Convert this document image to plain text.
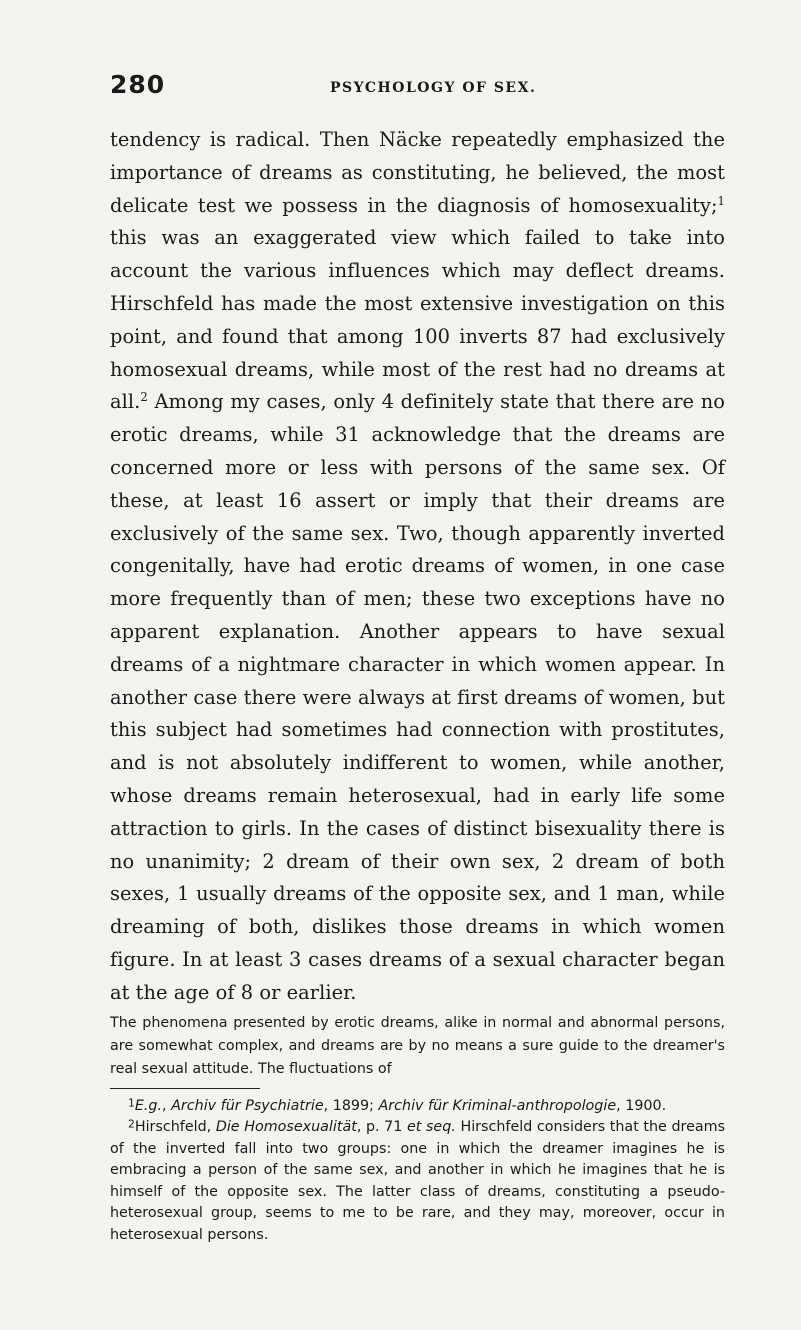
280	PSYCHOLOGY OF SEX.

tendency is radical. Then Näcke repeatedly emphasized the importance of dreams as constituting, he believed, the most delicate test we possess in the diagnosis of homosexuality;$^1$ this was an exaggerated view which failed to take into account the various influences which may deflect dreams. Hirschfeld has made the most extensive investigation on this point, and found that among 100 inverts 87 had exclusively homosexual dreams, while most of the rest had no dreams at all.$^2$ Among my cases, only 4 definitely state that there are no erotic dreams, while 31 acknowledge that the dreams are concerned more or less with persons of the same sex. Of these, at least 16 assert or imply that their dreams are exclusively of the same sex. Two, though apparently inverted congenitally, have had erotic dreams of women, in one case more frequently than of men; these two exceptions have no apparent explanation. Another appears to have sexual dreams of a nightmare character in which women appear. In another case there were always at first dreams of women, but this subject had sometimes had connection with prostitutes, and is not absolutely indifferent to women, while another, whose dreams remain heterosexual, had in early life some attraction to girls. In the cases of distinct bisexuality there is no unanimity; 2 dream of their own sex, 2 dream of both sexes, 1 usually dreams of the opposite sex, and 1 man, while dreaming of both, dislikes those dreams in which women figure. In at least 3 cases dreams of a sexual character began at the age of 8 or earlier.

The phenomena presented by erotic dreams, alike in normal and abnormal persons, are somewhat complex, and dreams are by no means a sure guide to the dreamer's real sexual attitude. The fluctuations of

$^1$E.g., Archiv für Psychiatrie, 1899; Archiv für Kriminal-anthropologie, 1900.

$^2$Hirschfeld, Die Homosexualität, p. 71 et seq. Hirschfeld considers that the dreams of the inverted fall into two groups: one in which the dreamer imagines he is embracing a person of the same sex, and another in which he imagines that he is himself of the opposite sex. The latter class of dreams, constituting a pseudo-heterosexual group, seems to me to be rare, and they may, moreover, occur in heterosexual persons.
